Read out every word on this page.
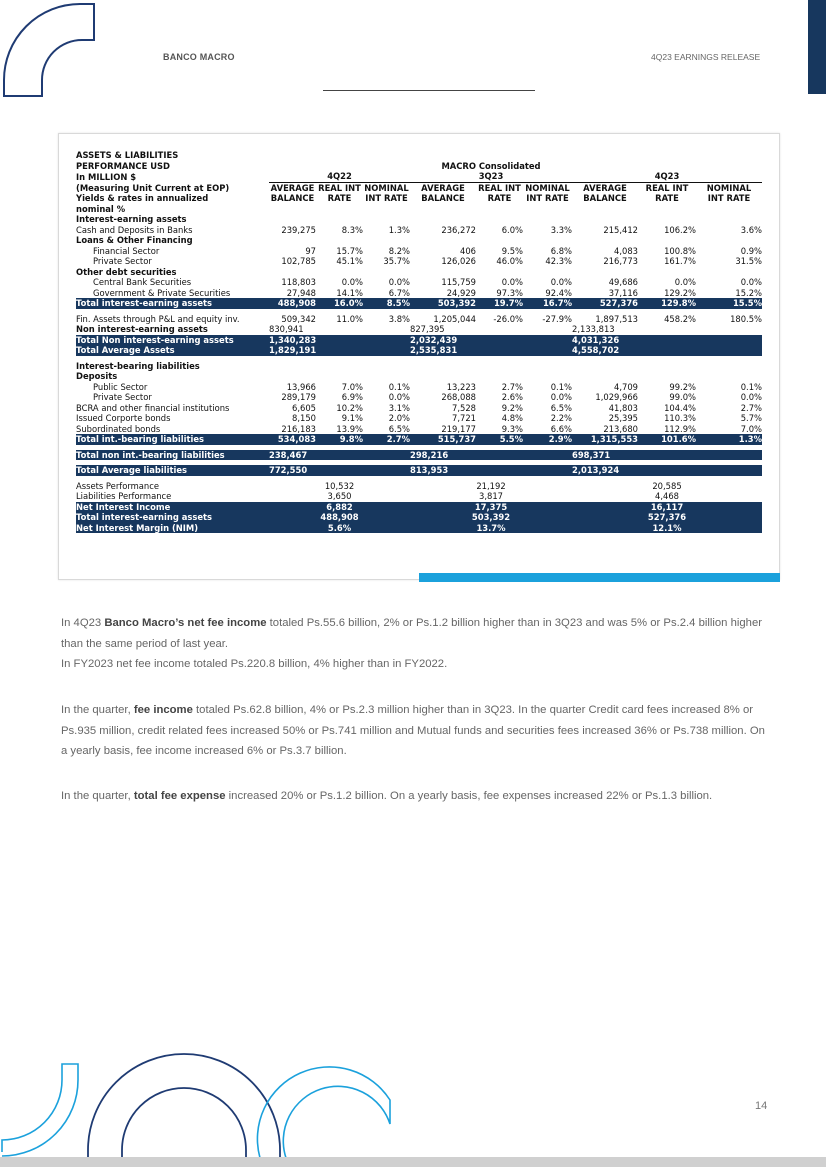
BANCO MACRO	4Q23 EARNINGS RELEASE
ASSETS & LIABILITIES									
PERFORMANCE USD				MACRO Consolidated					
In MILLION $	4Q22			3Q23			4Q23		
(Measuring Unit Current at EOP)	AVERAGE	REAL INT	NOMINAL	AVERAGE	REAL INT	NOMINAL	AVERAGE	REAL INT	NOMINAL
Yields & rates in annualized	BALANCE	RATE	INT RATE	BALANCE	RATE	INT RATE	BALANCE	RATE	INT RATE
nominal %									
Interest-earning assets									
Cash and Deposits in Banks	239,275	8.3%	1.3%	236,272	6.0%	3.3%	215,412	106.2%	3.6%
Loans & Other Financing									
Financial Sector	97	15.7%	8.2%	406	9.5%	6.8%	4,083	100.8%	0.9%
Private Sector	102,785	45.1%	35.7%	126,026	46.0%	42.3%	216,773	161.7%	31.5%
Other debt securities									
Central Bank Securities	118,803	0.0%	0.0%	115,759	0.0%	0.0%	49,686	0.0%	0.0%
Government & Private Securities	27,948	14.1%	6.7%	24,929	97.3%	92.4%	37,116	129.2%	15.2%
Total interest-earning assets	488,908	16.0%	8.5%	503,392	19.7%	16.7%	527,376	129.8%	15.5%

Fin. Assets through P&L and equity inv.	509,342	11.0%	3.8%	1,205,044	-26.0%	-27.9%	1,897,513	458.2%	180.5%
Non interest-earning assets	830,941			827,395			2,133,813		
Total Non interest-earning assets	1,340,283			2,032,439			4,031,326		
Total Average Assets	1,829,191			2,535,831			4,558,702		

Interest-bearing liabilities									
Deposits									
Public Sector	13,966	7.0%	0.1%	13,223	2.7%	0.1%	4,709	99.2%	0.1%
Private Sector	289,179	6.9%	0.0%	268,088	2.6%	0.0%	1,029,966	99.0%	0.0%
BCRA and other financial institutions	6,605	10.2%	3.1%	7,528	9.2%	6.5%	41,803	104.4%	2.7%
Issued Corporte bonds	8,150	9.1%	2.0%	7,721	4.8%	2.2%	25,395	110.3%	5.7%
Subordinated bonds	216,183	13.9%	6.5%	219,177	9.3%	6.6%	213,680	112.9%	7.0%
Total int.-bearing liabilities	534,083	9.8%	2.7%	515,737	5.5%	2.9%	1,315,553	101.6%	1.3%

Total non int.-bearing liabilities	238,467			298,216			698,371		

Total Average liabilities	772,550			813,953			2,013,924		

Assets Performance	10,532			21,192			20,585		
Liabilities Performance	3,650			3,817			4,468		
Net Interest Income	6,882			17,375			16,117		
Total interest-earning assets	488,908			503,392			527,376		
Net Interest Margin (NIM)	5.6%			13.7%			12.1%		
In 4Q23 Banco Macro’s net fee income totaled Ps.55.6 billion, 2% or Ps.1.2 billion higher than in 3Q23 and was 5% or Ps.2.4 billion higher than the same period of last year.
In FY2023 net fee income totaled Ps.220.8 billion, 4% higher than in FY2022.
In the quarter, fee income totaled Ps.62.8 billion, 4% or Ps.2.3 million higher than in 3Q23. In the quarter Credit card fees increased 8% or Ps.935 million, credit related fees increased 50% or Ps.741 million and Mutual funds and securities fees increased 36% or Ps.738 million. On a yearly basis, fee income increased 6% or Ps.3.7 billion.
In the quarter, total fee expense increased 20% or Ps.1.2 billion. On a yearly basis, fee expenses increased 22% or Ps.1.3 billion.
14
